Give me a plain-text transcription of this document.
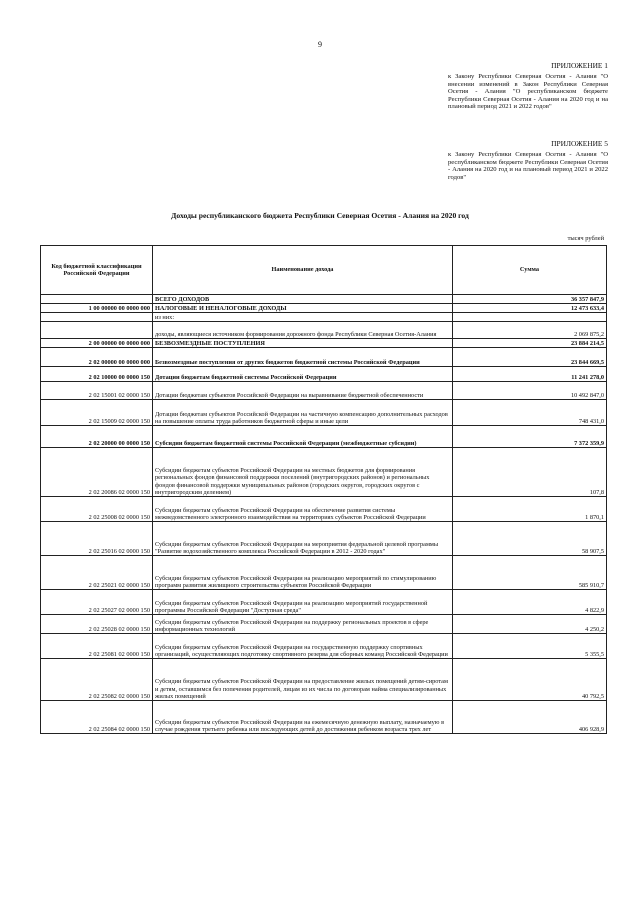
9
ПРИЛОЖЕНИЕ 1
к Закону Республики Северная Осетия - Алания "О внесении изменений в Закон Республики Северная Осетия - Алания "О республиканском бюджете Республики Северная Осетия - Алания на 2020 год и на плановый период 2021 и 2022 годов"
ПРИЛОЖЕНИЕ 5
к Закону Республики Северная Осетия - Алания "О республиканском бюджете Республики Северная Осетия - Алания на 2020 год и на плановый период 2021 и 2022 годов"
Доходы республиканского бюджета Республики Северная Осетия - Алания на 2020 год
тысяч рублей
Код бюджетной классификации Российской Федерации	Наименование дохода	Сумма
	ВСЕГО ДОХОДОВ	36 357 847,9
1 00 00000 00 0000 000	НАЛОГОВЫЕ И НЕНАЛОГОВЫЕ ДОХОДЫ	12 473 633,4
	из них:	
	доходы, являющиеся источником формирования дорожного фонда Республики Северная Осетия-Алания	2 069 875,2
2 00 00000 00 0000 000	БЕЗВОЗМЕЗДНЫЕ ПОСТУПЛЕНИЯ	23 884 214,5
2 02 00000 00 0000 000	Безвозмездные поступления от других бюджетов бюджетной системы Российской Федерации	23 844 669,5
2 02 10000 00 0000 150	Дотации бюджетам бюджетной системы Российской Федерации	11 241 278,0
2 02 15001 02 0000 150	Дотации бюджетам субъектов Российской Федерации на выравнивание бюджетной обеспеченности	10 492 847,0
2 02 15009 02 0000 150	Дотации бюджетам субъектов Российской Федерации на частичную компенсацию дополнительных расходов на повышение оплаты труда работников бюджетной сферы и иные цели	748 431,0
2 02 20000 00 0000 150	Субсидии бюджетам бюджетной системы Российской Федерации (межбюджетные субсидии)	7 372 359,9
2 02 20086 02 0000 150	Субсидии бюджетам субъектов Российской Федерации на местных бюджетов для формирования региональных фондов финансовой поддержки поселений (внутригородских районов) и региональных фондов финансовой поддержки муниципальных районов (городских округов, городских округов с внутригородским делением)	107,8
2 02 25008 02 0000 150	Субсидии бюджетам субъектов Российской Федерации на обеспечение развития системы межведомственного электронного взаимодействия на территориях субъектов Российской Федерации	1 870,1
2 02 25016 02 0000 150	Субсидии бюджетам субъектов Российской Федерации на мероприятия федеральной целевой программы "Развитие водохозяйственного комплекса Российской Федерации в 2012 - 2020 годах"	58 907,5
2 02 25021 02 0000 150	Субсидии бюджетам субъектов Российской Федерации на реализацию мероприятий по стимулированию программ развития жилищного строительства субъектов Российской Федерации	585 910,7
2 02 25027 02 0000 150	Субсидии бюджетам субъектов Российской Федерации на реализацию мероприятий государственной программы Российской Федерации "Доступная среда"	4 822,9
2 02 25028 02 0000 150	Субсидии бюджетам субъектов Российской Федерации на поддержку региональных проектов в сфере информационных технологий	4 250,2
2 02 25081 02 0000 150	Субсидии бюджетам субъектов Российской Федерации на государственную поддержку спортивных организаций, осуществляющих подготовку спортивного резерва для сборных команд Российской Федерации	5 355,5
2 02 25082 02 0000 150	Субсидии бюджетам субъектов Российской Федерации на предоставление жилых помещений детям-сиротам и детям, оставшимся без попечения родителей, лицам из их числа по договорам найма специализированных жилых помещений	40 792,5
2 02 25084 02 0000 150	Субсидии бюджетам субъектов Российской Федерации на ежемесячную денежную выплату, назначаемую в случае рождения третьего ребенка или последующих детей до достижения ребенком возраста трех лет	406 928,9
